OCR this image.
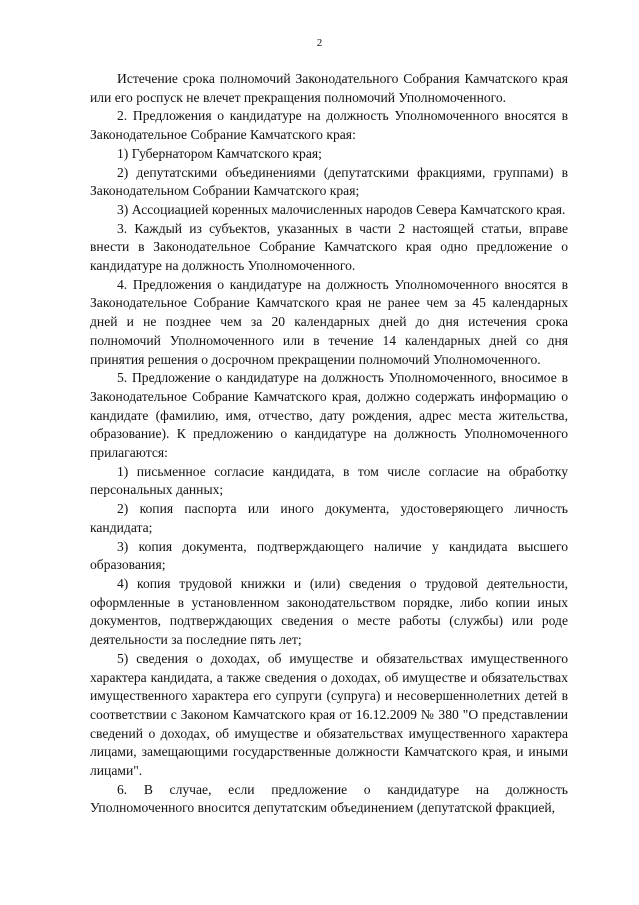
2

Истечение срока полномочий Законодательного Собрания Камчатского края или его роспуск не влечет прекращения полномочий Уполномоченного.

2. Предложения о кандидатуре на должность Уполномоченного вносятся в Законодательное Собрание Камчатского края:

1) Губернатором Камчатского края;

2) депутатскими объединениями (депутатскими фракциями, группами) в Законодательном Собрании Камчатского края;

3) Ассоциацией коренных малочисленных народов Севера Камчатского края.

3. Каждый из субъектов, указанных в части 2 настоящей статьи, вправе внести в Законодательное Собрание Камчатского края одно предложение о кандидатуре на должность Уполномоченного.

4. Предложения о кандидатуре на должность Уполномоченного вносятся в Законодательное Собрание Камчатского края не ранее чем за 45 календарных дней и не позднее чем за 20 календарных дней до дня истечения срока полномочий Уполномоченного или в течение 14 календарных дней со дня принятия решения о досрочном прекращении полномочий Уполномоченного.

5. Предложение о кандидатуре на должность Уполномоченного, вносимое в Законодательное Собрание Камчатского края, должно содержать информацию о кандидате (фамилию, имя, отчество, дату рождения, адрес места жительства, образование). К предложению о кандидатуре на должность Уполномоченного прилагаются:

1) письменное согласие кандидата, в том числе согласие на обработку персональных данных;

2) копия паспорта или иного документа, удостоверяющего личность кандидата;

3) копия документа, подтверждающего наличие у кандидата высшего образования;

4) копия трудовой книжки и (или) сведения о трудовой деятельности, оформленные в установленном законодательством порядке, либо копии иных документов, подтверждающих сведения о месте работы (службы) или роде деятельности за последние пять лет;

5) сведения о доходах, об имуществе и обязательствах имущественного характера кандидата, а также сведения о доходах, об имуществе и обязательствах имущественного характера его супруги (супруга) и несовершеннолетних детей в соответствии с Законом Камчатского края от 16.12.2009 № 380 "О представлении сведений о доходах, об имуществе и обязательствах имущественного характера лицами, замещающими государственные должности Камчатского края, и иными лицами".

6. В случае, если предложение о кандидатуре на должность Уполномоченного вносится депутатским объединением (депутатской фракцией,
